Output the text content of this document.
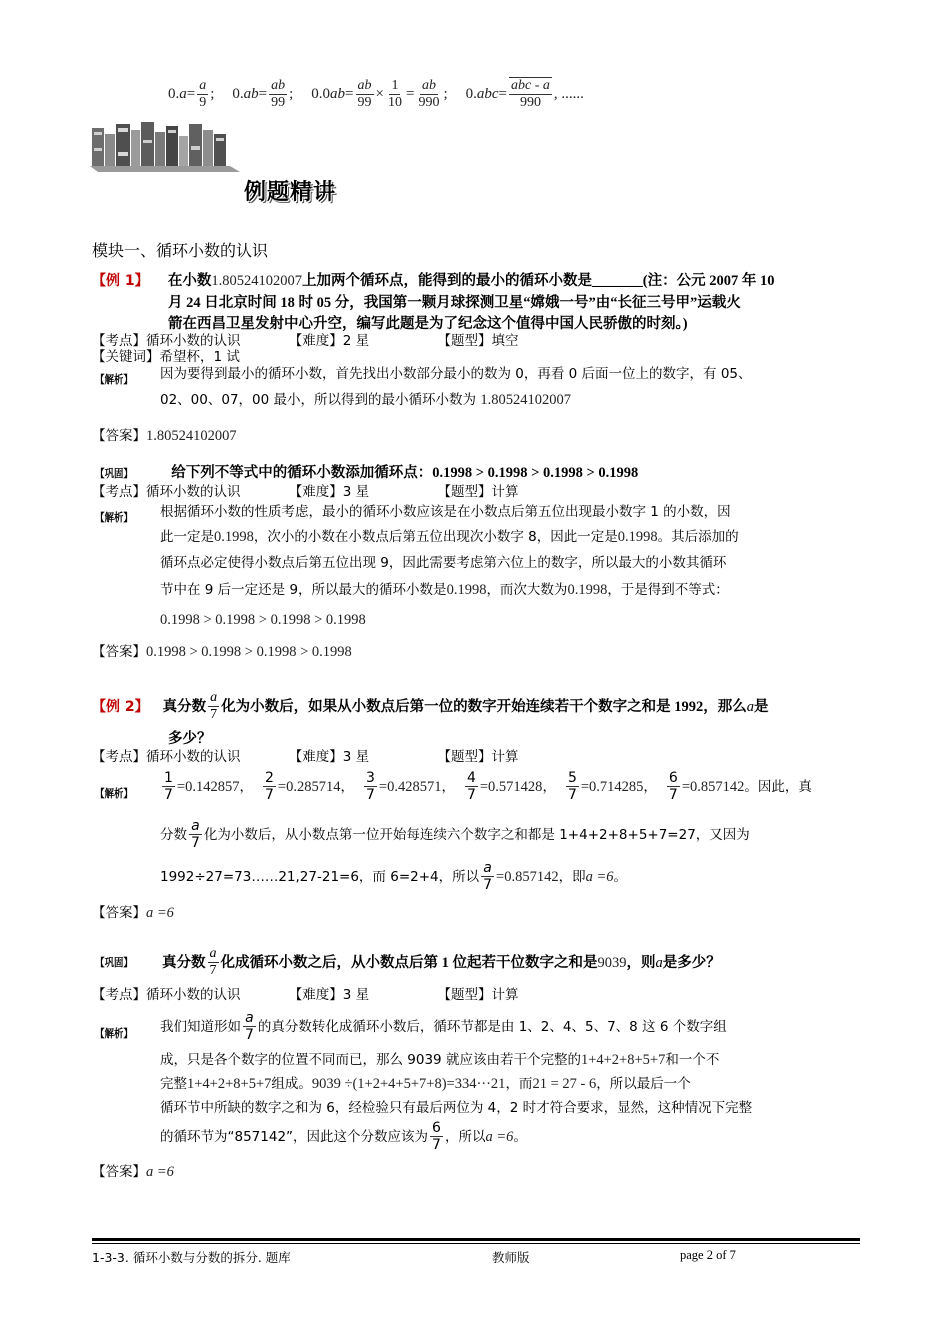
0. $a = \frac{a}{9}$ ; 0. ab = $\frac{ab}{99}$ ; 0.0 ab = $\frac{ab}{99} \times \frac{1}{10} = \frac{ab}{990}$ ; 0. abc = $\frac{\text{abc - a}}{990}$ , ......
例题精讲
模块一、循环小数的认识
【例 1】 在小数1.80524102007上加两个循环点，能得到的最小的循环小数是_______(注：公元 2007 年 10
月 24 日北京时间 18 时 05 分，我国第一颗月球探测卫星“嫦娥一号”由“长征三号甲”运载火
箭在西昌卫星发射中心升空，编写此题是为了纪念这个值得中国人民骄傲的时刻。)
【考点】循环小数的认识	【难度】2 星	【题型】填空
【关键词】希望杯，1 试
【解析】 因为要得到最小的循环小数，首先找出小数部分最小的数为 0，再看 0 后面一位上的数字，有 05、
02、00、07，00 最小，所以得到的最小循环小数为 1.80524102007
【答案】1.80524102007
【巩固】	给下列不等式中的循环小数添加循环点：0.1998 > 0.1998 > 0.1998 > 0.1998
【考点】循环小数的认识	【难度】3 星	【题型】计算
【解析】 根据循环小数的性质考虑，最小的循环小数应该是在小数点后第五位出现最小数字 1 的小数，因
此一定是0.1998，次小的小数在小数点后第五位出现次小数字 8，因此一定是0.1998。其后添加的
循环点必定使得小数点后第五位出现 9，因此需要考虑第六位上的数字，所以最大的小数其循环
节中在 9 后一定还是 9，所以最大的循环小数是0.1998，而次大数为0.1998，于是得到不等式：
0.1998 > 0.1998 > 0.1998 > 0.1998
【答案】0.1998 > 0.1998 > 0.1998 > 0.1998
【例 2】 真分数 $\frac{a}{7}$ 化为小数后，如果从小数点后第一位的数字开始连续若干个数字之和是 1992，那么 a 是
多少？
【考点】循环小数的认识	【难度】3 星	【题型】计算
【解析】 $\frac{1}{7} =0.142857$ ， $\frac{2}{7} =0.285714$ ， $\frac{3}{7} =0.428571$ ， $\frac{4}{7} =0.571428$ ， $\frac{5}{7} =0.714285$ ， $\frac{6}{7} =0.857142$ 。因此，真
分数 $\frac{a}{7}$ 化为小数后，从小数点第一位开始每连续六个数字之和都是 1+4+2+8+5+7=27，又因为
1992÷27=73……21,27-21=6，而 6=2+4，所以 $\frac{a}{7} =0.857142$ ，即 a =6 。
【答案】a =6
【巩固】 真分数 $\frac{a}{7}$ 化成循环小数之后，从小数点后第 1 位起若干位数字之和是 9039 ，则 a 是多少？
【考点】循环小数的认识	【难度】3 星	【题型】计算
【解析】 我们知道形如 $\frac{a}{7}$ 的真分数转化成循环小数后，循环节都是由 1、2、4、5、7、8 这 6 个数字组
成，只是各个数字的位置不同而已，那么 9039 就应该由若干个完整的1+4+2+8+5+7和一个不
完整1+4+2+8+5+7组成。9039 ÷(1+2+4+5+7+8)=334···21，而21 = 27 - 6，所以最后一个
循环节中所缺的数字之和为 6，经检验只有最后两位为 4，2 时才符合要求，显然，这种情况下完整
的循环节为“857142”，因此这个分数应该为 $\frac{6}{7}$ ，所以 a =6 。
【答案】a =6
1-3-3. 循环小数与分数的拆分. 题库	教师版	page 2 of 7
